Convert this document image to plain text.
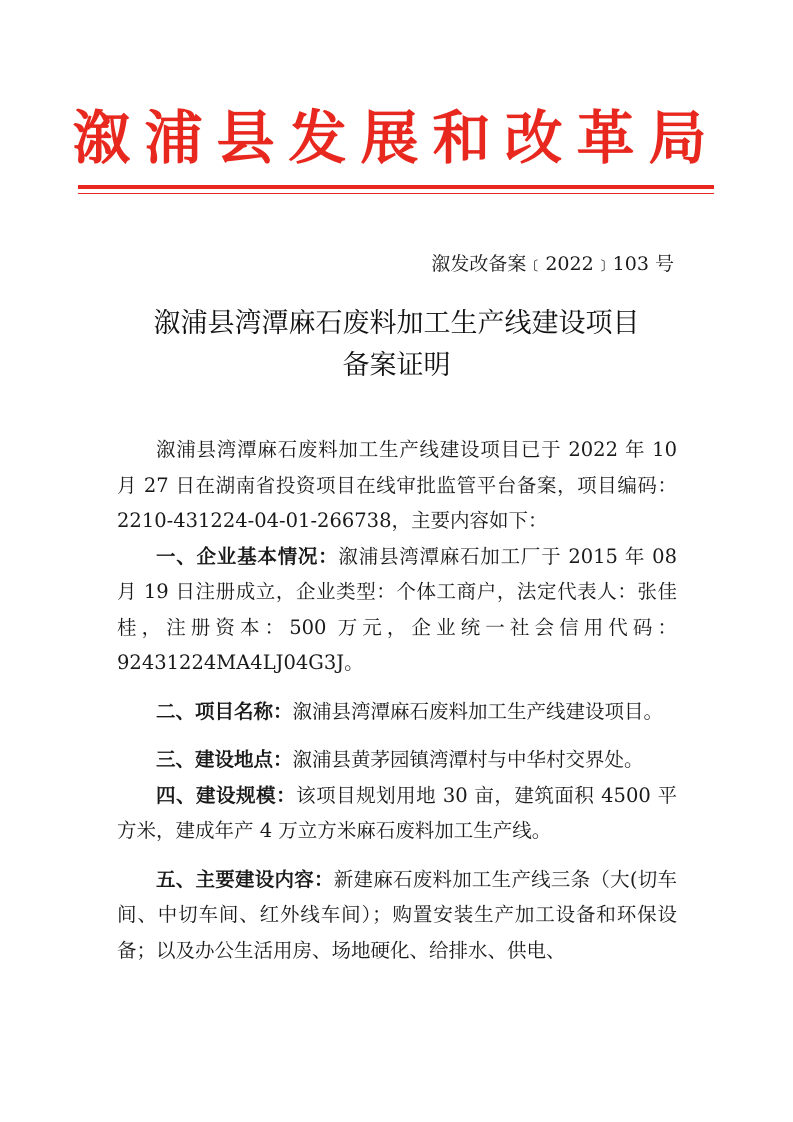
溆浦县发展和改革局
溆发改备案﹝2022﹞103 号
溆浦县湾潭麻石废料加工生产线建设项目
备案证明

溆浦县湾潭麻石废料加工生产线建设项目已于 2022 年 10 月 27 日在湖南省投资项目在线审批监管平台备案，项目编码：2210-431224-04-01-266738，主要内容如下：

一、企业基本情况：溆浦县湾潭麻石加工厂于 2015 年 08 月 19 日注册成立，企业类型：个体工商户，法定代表人：张佳桂，注册资本：500 万元，企业统一社会信用代码：92431224MA4LJ04G3J。

二、项目名称：溆浦县湾潭麻石废料加工生产线建设项目。

三、建设地点：溆浦县黄茅园镇湾潭村与中华村交界处。

四、建设规模：该项目规划用地 30 亩，建筑面积 4500 平方米，建成年产 4 万立方米麻石废料加工生产线。

五、主要建设内容：新建麻石废料加工生产线三条（大(切车间、中切车间、红外线车间）；购置安装生产加工设备和环保设备；以及办公生活用房、场地硬化、给排水、供电、
